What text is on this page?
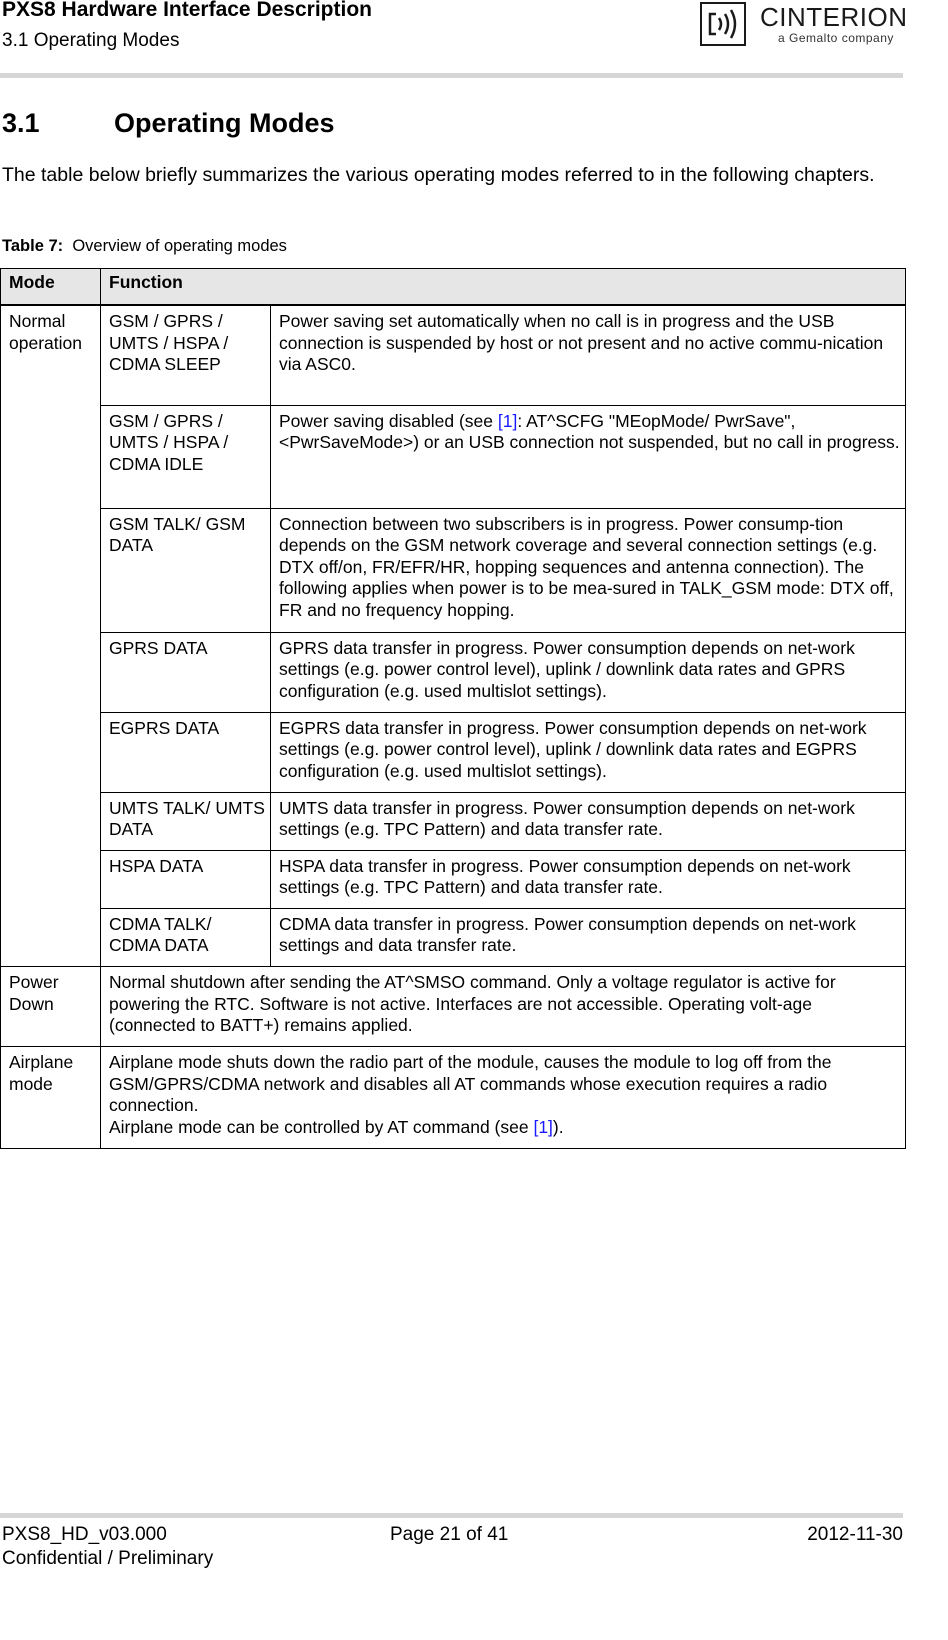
PXS8 Hardware Interface Description
3.1 Operating Modes
CINTERION
a Gemalto company
3.1	Operating Modes
The table below briefly summarizes the various operating modes referred to in the following chapters.
Table 7: Overview of operating modes
Mode	Function	
Normal operation	GSM / GPRS / UMTS / HSPA / CDMA SLEEP	Power saving set automatically when no call is in progress and the USB connection is suspended by host or not present and no active commu-nication via ASC0.
	GSM / GPRS / UMTS / HSPA / CDMA IDLE	Power saving disabled (see [1]: AT^SCFG "MEopMode/ PwrSave",<PwrSaveMode>) or an USB connection not suspended, but no call in progress.
	GSM TALK/ GSM DATA	Connection between two subscribers is in progress. Power consump-tion depends on the GSM network coverage and several connection settings (e.g. DTX off/on, FR/EFR/HR, hopping sequences and antenna connection). The following applies when power is to be mea-sured in TALK_GSM mode: DTX off, FR and no frequency hopping.
	GPRS DATA	GPRS data transfer in progress. Power consumption depends on net-work settings (e.g. power control level), uplink / downlink data rates and GPRS configuration (e.g. used multislot settings).
	EGPRS DATA	EGPRS data transfer in progress. Power consumption depends on net-work settings (e.g. power control level), uplink / downlink data rates and EGPRS configuration (e.g. used multislot settings).
	UMTS TALK/ UMTS DATA	UMTS data transfer in progress. Power consumption depends on net-work settings (e.g. TPC Pattern) and data transfer rate.
	HSPA DATA	HSPA data transfer in progress. Power consumption depends on net-work settings (e.g. TPC Pattern) and data transfer rate.
	CDMA TALK/ CDMA DATA	CDMA data transfer in progress. Power consumption depends on net-work settings and data transfer rate.
Power Down	Normal shutdown after sending the AT^SMSO command. Only a voltage regulator is active for powering the RTC. Software is not active. Interfaces are not accessible. Operating volt-age (connected to BATT+) remains applied.	
Airplane mode	Airplane mode shuts down the radio part of the module, causes the module to log off from the GSM/GPRS/CDMA network and disables all AT commands whose execution requires a radio connection.
Airplane mode can be controlled by AT command (see [1]).	
PXS8_HD_v03.000
Confidential / Preliminary
Page 21 of 41	2012-11-30
